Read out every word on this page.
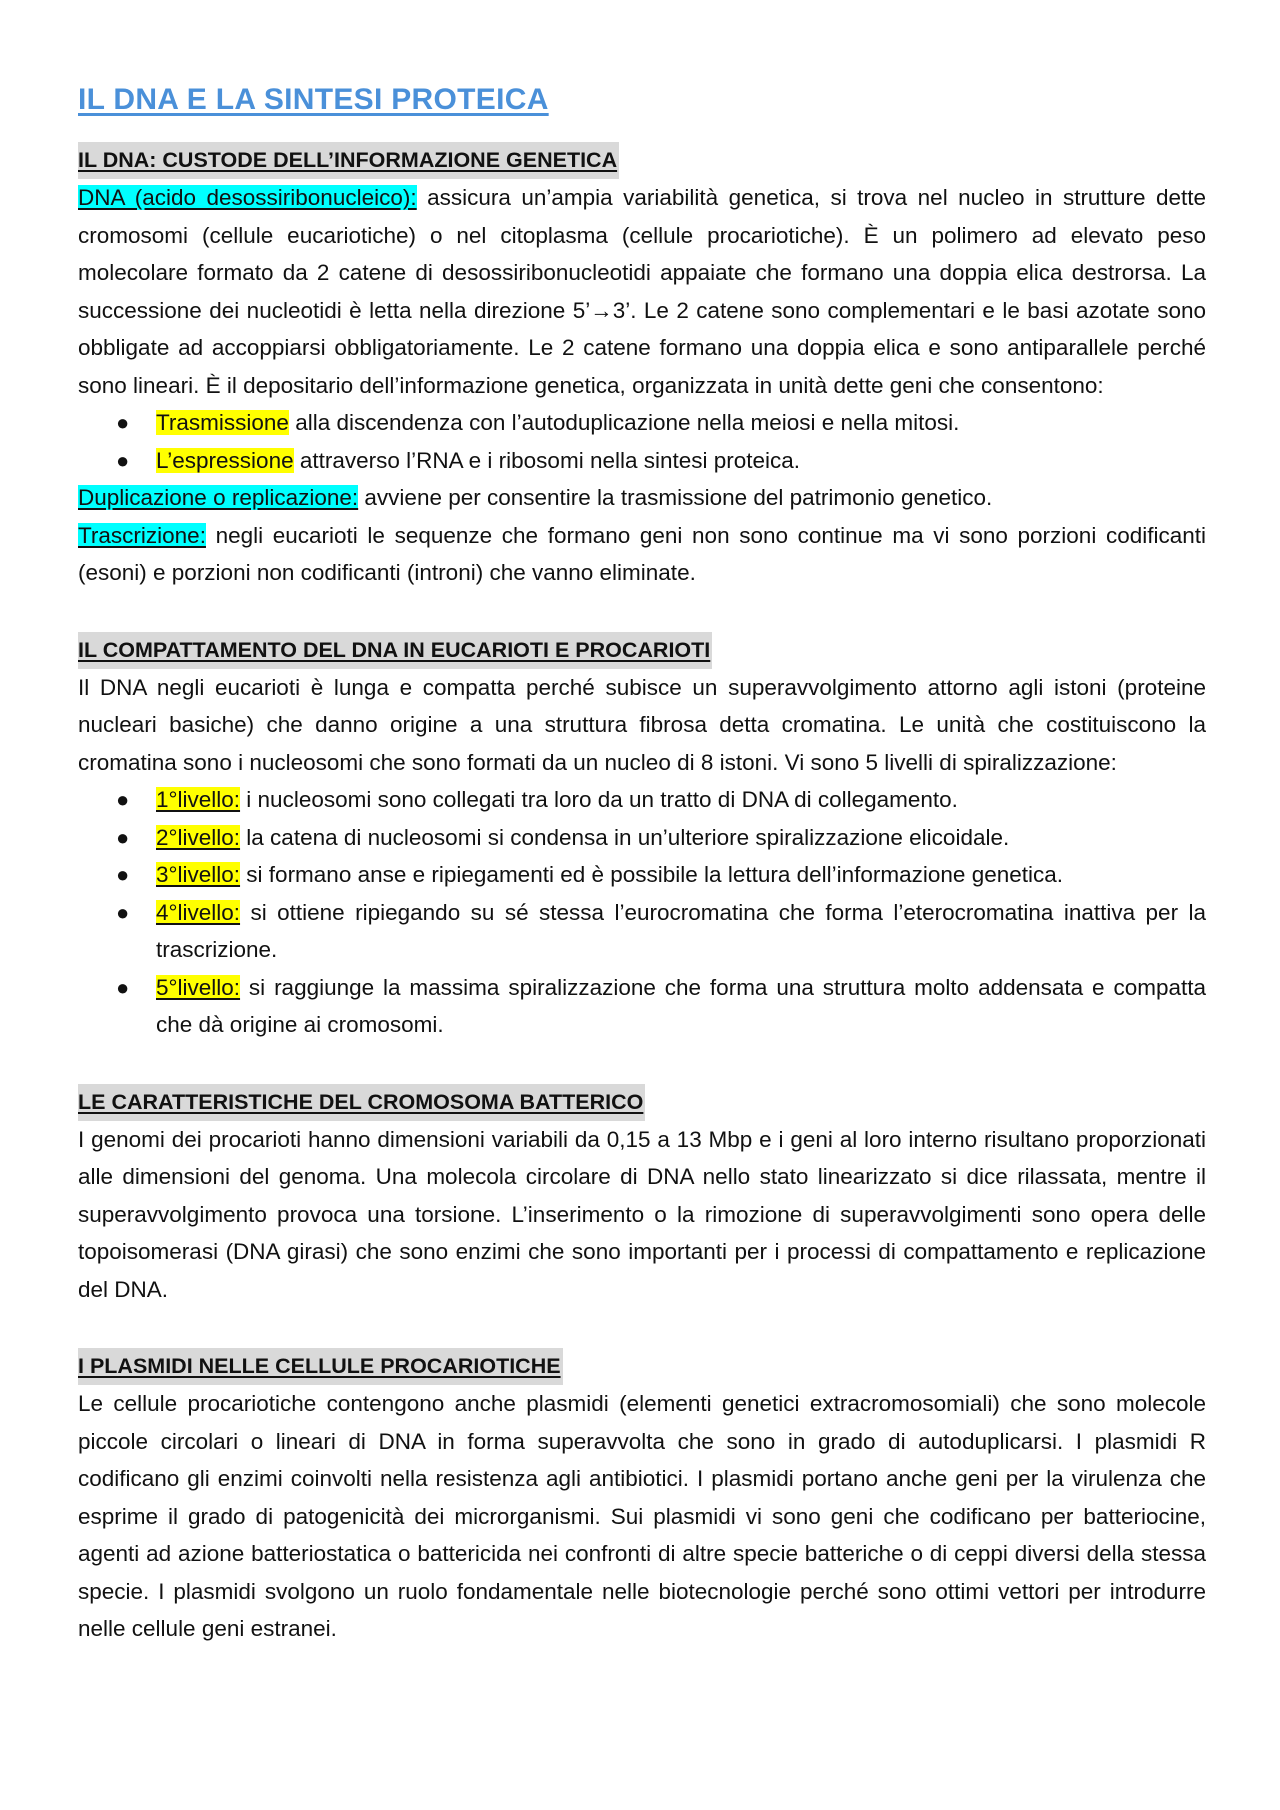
IL DNA E LA SINTESI PROTEICA
IL DNA: CUSTODE DELL’INFORMAZIONE GENETICA

DNA (acido desossiribonucleico): assicura un’ampia variabilità genetica, si trova nel nucleo in strutture dette cromosomi (cellule eucariotiche) o nel citoplasma (cellule procariotiche). È un polimero ad elevato peso molecolare formato da 2 catene di desossiribonucleotidi appaiate che formano una doppia elica destrorsa. La successione dei nucleotidi è letta nella direzione 5’→3’. Le 2 catene sono complementari e le basi azotate sono obbligate ad accoppiarsi obbligatoriamente. Le 2 catene formano una doppia elica e sono antiparallele perché sono lineari. È il depositario dell’informazione genetica, organizzata in unità dette geni che consentono:

● Trasmissione alla discendenza con l’autoduplicazione nella meiosi e nella mitosi.
● L’espressione attraverso l’RNA e i ribosomi nella sintesi proteica.

Duplicazione o replicazione: avviene per consentire la trasmissione del patrimonio genetico.

Trascrizione: negli eucarioti le sequenze che formano geni non sono continue ma vi sono porzioni codificanti (esoni) e porzioni non codificanti (introni) che vanno eliminate.

IL COMPATTAMENTO DEL DNA IN EUCARIOTI E PROCARIOTI

Il DNA negli eucarioti è lunga e compatta perché subisce un superavvolgimento attorno agli istoni (proteine nucleari basiche) che danno origine a una struttura fibrosa detta cromatina. Le unità che costituiscono la cromatina sono i nucleosomi che sono formati da un nucleo di 8 istoni. Vi sono 5 livelli di spiralizzazione:

● 1°livello: i nucleosomi sono collegati tra loro da un tratto di DNA di collegamento.
● 2°livello: la catena di nucleosomi si condensa in un’ulteriore spiralizzazione elicoidale.
● 3°livello: si formano anse e ripiegamenti ed è possibile la lettura dell’informazione genetica.
● 4°livello: si ottiene ripiegando su sé stessa l’eurocromatina che forma l’eterocromatina inattiva per la trascrizione.
● 5°livello: si raggiunge la massima spiralizzazione che forma una struttura molto addensata e compatta che dà origine ai cromosomi.
LE CARATTERISTICHE DEL CROMOSOMA BATTERICO

I genomi dei procarioti hanno dimensioni variabili da 0,15 a 13 Mbp e i geni al loro interno risultano proporzionati alle dimensioni del genoma. Una molecola circolare di DNA nello stato linearizzato si dice rilassata, mentre il superavvolgimento provoca una torsione. L’inserimento o la rimozione di superavvolgimenti sono opera delle topoisomerasi (DNA girasi) che sono enzimi che sono importanti per i processi di compattamento e replicazione del DNA.

I PLASMIDI NELLE CELLULE PROCARIOTICHE

Le cellule procariotiche contengono anche plasmidi (elementi genetici extracromosomiali) che sono molecole piccole circolari o lineari di DNA in forma superavvolta che sono in grado di autoduplicarsi. I plasmidi R codificano gli enzimi coinvolti nella resistenza agli antibiotici. I plasmidi portano anche geni per la virulenza che esprime il grado di patogenicità dei microrganismi. Sui plasmidi vi sono geni che codificano per batteriocine, agenti ad azione batteriostatica o battericida nei confronti di altre specie batteriche o di ceppi diversi della stessa specie. I plasmidi svolgono un ruolo fondamentale nelle biotecnologie perché sono ottimi vettori per introdurre nelle cellule geni estranei.
